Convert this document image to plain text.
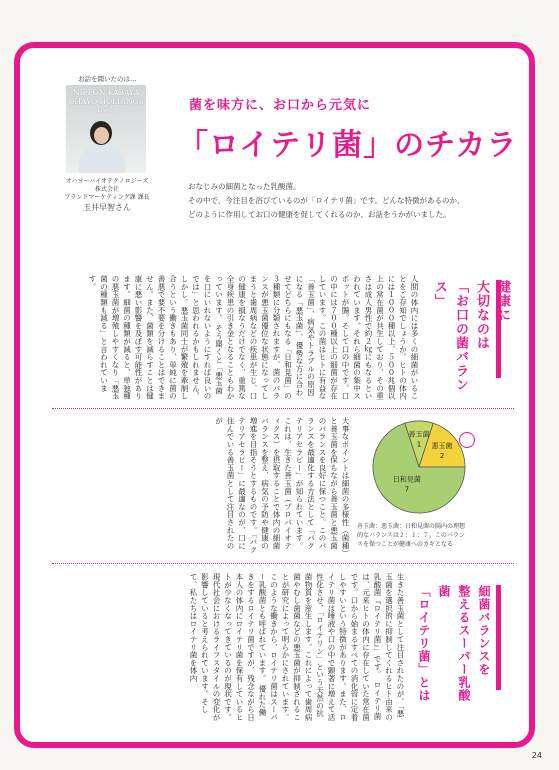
お話を聞いたのは…
NIPPON KABAYA OHAYO HOLDINGS INC.
オハヨーバイオテクノロジーズ
株式会社
ブランドマーケティング課 課長
玉井早智さん
菌を味方に、お口から元気に
「ロイテリ菌」のチカラ
おなじみの細菌となった乳酸菌。
その中で、今注目を浴びているのが「ロイテリ菌」です。どんな特徴があるのか、
どのように作用してお口の健康を促してくれるのか、お話をうかがいました。
健康に
大切なのは
「お口の菌バランス」
人間の体内には多くの細菌がいることをご存知でしょうか。ヒトの体内には１０００種以上、５００兆個以上の常在菌が共生しており、その重さは成人男性で約２㎏にもなるといわれています。それら細菌の集中スポットが腸。そして口の中です。口の中には７００種以上の細菌が存在しています。この菌はヒトに有益な「善玉菌」、病気やトラブルの原因になる「悪玉菌」、優勢な方に合わせてどちらにもなる「日和見菌」の３種類に分類されますが、菌のバランスが悪玉菌優位な状態になってしまうと歯周病などの疾患が生じ、口の健康を損なうだけでなく、重篤な全身疾患の引き金となることもわかっています。 そう聞くと「悪玉菌を口にいれないようにすれば良いのでは」と思われるかもしれません。しかし、悪玉菌同士が繁殖を牽制し合うという働きもあり、単純に菌の善悪で要不要を分けることはできません。また、菌類を減らすことは健康に悪い影響を及ぼす可能性があります。細菌の種類が減ると、単独種の悪玉菌が増殖しやすくなり「悪玉菌の種類も減る」と言われています。
大事なポイントは細菌の多様性（菌種）と善玉菌を保ちながら善玉菌と悪玉菌のバランスを良好に保つこと。このバランスを最適化する方法として「バクテリアセラピー」が知られています。 これは、生きた善玉菌（プロバイオティクス）を摂取することで体内の細菌バランスを整え、病気の予防や健康の増進を目指そうとするものです。「バクテリアセラピー」に最適なのが、口に住んでいる善玉菌として注目されたのが
善玉菌
1 悪玉菌
2
日和見菌
7
善玉菌：悪玉菌：日和見菌の腸内の理想的なバランスは２：１：７。このバランスを保つことが健康へのカギとなる
細菌バランスを
整えるスーパー乳酸菌
「ロイテリ菌」とは
生きた善玉菌として注目されたのが、「悪玉菌を選択的に抑制してくれるヒト由来の乳酸菌『ロイテリ菌』」です。 ロイテリ菌は、元来ヒトの体内に存在していた常在菌です。口から始まるすべての消化管に定着しやすいという特徴があります。また、ロイテリ菌は唾液や口の中で顕著に増えて活性化させ、「ロイテリン」という天然の抗菌物質を産生します。これによって歯周病菌やむし歯菌などの悪玉菌が抑制されることが研究によって明らかにされています。 このような働きから、ロイテリ菌はスーパー乳酸菌とも呼ばれています。 優れた働きをするロイテリ菌ですが、残念ながら日本人の体内にロイテリ菌を保有しているヒトが少なくなってきているのが現状です。現代社会におけるライフスタイルの変化が影響していると考えられています。そして、私たちはロイテリ菌を体内
24
